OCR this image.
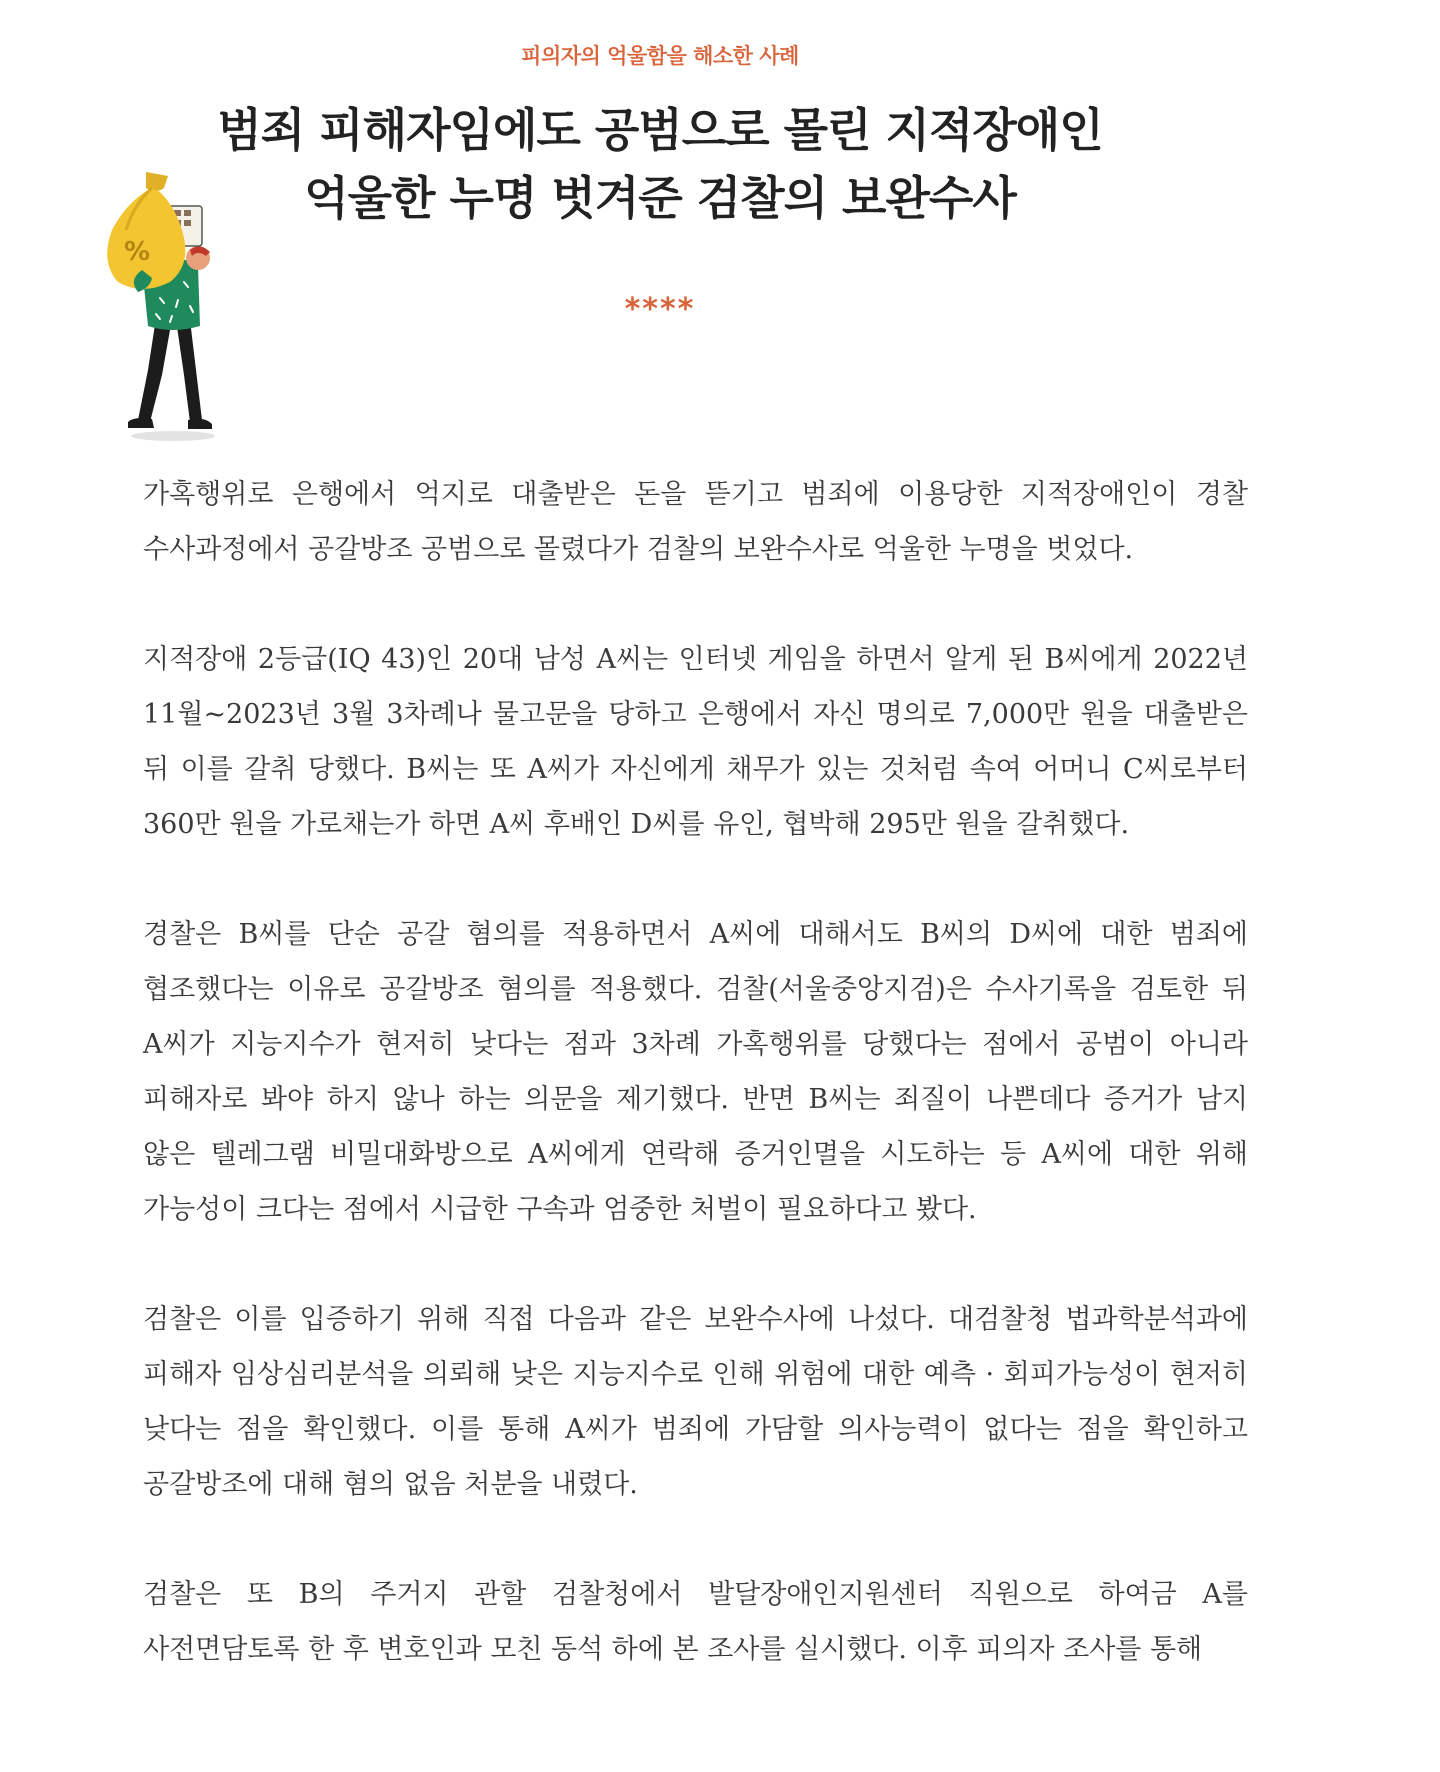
피의자의 억울함을 해소한 사례
범죄 피해자임에도 공범으로 몰린 지적장애인
억울한 누명 벗겨준 검찰의 보완수사
%
****

가혹행위로 은행에서 억지로 대출받은 돈을 뜯기고 범죄에 이용당한 지적장애인이 경찰 수사과정에서 공갈방조 공범으로 몰렸다가 검찰의 보완수사로 억울한 누명을 벗었다.

지적장애 2등급(IQ 43)인 20대 남성 A씨는 인터넷 게임을 하면서 알게 된 B씨에게 2022년 11월~2023년 3월 3차례나 물고문을 당하고 은행에서 자신 명의로 7,000만 원을 대출받은 뒤 이를 갈취 당했다. B씨는 또 A씨가 자신에게 채무가 있는 것처럼 속여 어머니 C씨로부터 360만 원을 가로채는가 하면 A씨 후배인 D씨를 유인, 협박해 295만 원을 갈취했다.

경찰은 B씨를 단순 공갈 혐의를 적용하면서 A씨에 대해서도 B씨의 D씨에 대한 범죄에 협조했다는 이유로 공갈방조 혐의를 적용했다. 검찰(서울중앙지검)은 수사기록을 검토한 뒤 A씨가 지능지수가 현저히 낮다는 점과 3차례 가혹행위를 당했다는 점에서 공범이 아니라 피해자로 봐야 하지 않나 하는 의문을 제기했다. 반면 B씨는 죄질이 나쁜데다 증거가 남지 않은 텔레그램 비밀대화방으로 A씨에게 연락해 증거인멸을 시도하는 등 A씨에 대한 위해 가능성이 크다는 점에서 시급한 구속과 엄중한 처벌이 필요하다고 봤다.

검찰은 이를 입증하기 위해 직접 다음과 같은 보완수사에 나섰다. 대검찰청 법과학분석과에 피해자 임상심리분석을 의뢰해 낮은 지능지수로 인해 위험에 대한 예측 · 회피가능성이 현저히 낮다는 점을 확인했다. 이를 통해 A씨가 범죄에 가담할 의사능력이 없다는 점을 확인하고 공갈방조에 대해 혐의 없음 처분을 내렸다.

검찰은 또 B의 주거지 관할 검찰청에서 발달장애인지원센터 직원으로 하여금 A를 사전면담토록 한 후 변호인과 모친 동석 하에 본 조사를 실시했다. 이후 피의자 조사를 통해
